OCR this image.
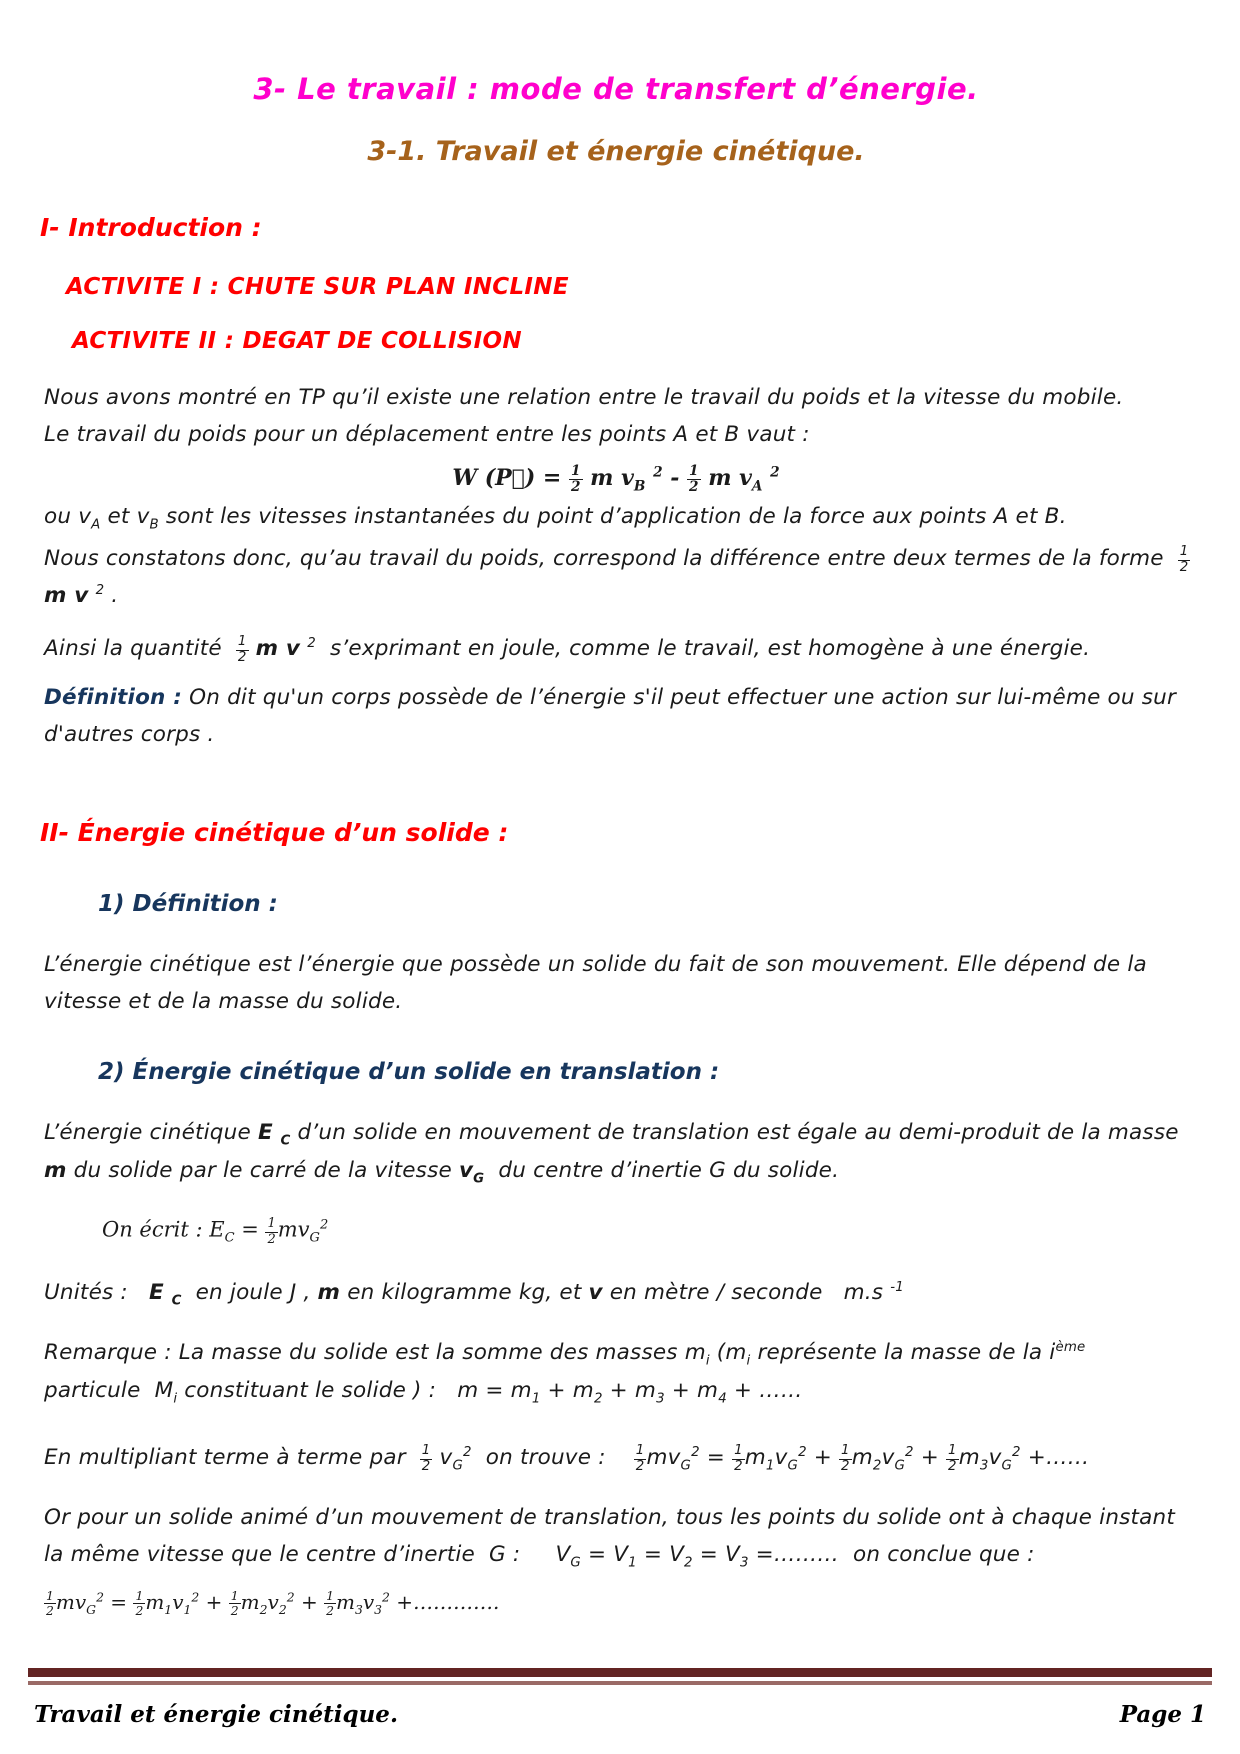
3- Le travail : mode de transfert d’énergie.
3-1. Travail et énergie cinétique.
I- Introduction :
ACTIVITE I : CHUTE SUR PLAN INCLINE
ACTIVITE II : DEGAT DE COLLISION

Nous avons montré en TP qu’il existe une relation entre le travail du poids et la vitesse du mobile.
Le travail du poids pour un déplacement entre les points A et B vaut :

W (P⃗) = $\frac{1}{2}$ m $v_B$ $^2 - \frac{1}{2}$ m $v_A$ $^2$

ou $v_A$ et $v_B$ sont les vitesses instantanées du point d’application de la force aux points A et B.

Nous constatons donc, qu’au travail du poids, correspond la différence entre deux termes de la forme $\frac{1}{2}$
m v $^2$ .

Ainsi la quantité $\frac{1}{2}$ m v $^2$  s’exprimant en joule, comme le travail, est homogène à une énergie.

Définition : On dit qu'un corps possède de l’énergie s'il peut effectuer une action sur lui-même ou sur d'autres corps .

II- Énergie cinétique d’un solide :
1) Définition :

L’énergie cinétique est l’énergie que possède un solide du fait de son mouvement. Elle dépend de la vitesse et de la masse du solide.

2) Énergie cinétique d’un solide en translation :

L’énergie cinétique E $_C$ d’un solide en mouvement de translation est égale au demi-produit de la masse m du solide par le carré de la vitesse $v_G$  du centre d’inertie G du solide.

On écrit : $E_C = \frac{1}{2} mv_G^2$

Unités :   E $_C$  en joule J , m en kilogramme kg, et v en mètre / seconde   m.s $^{-1}$

Remarque : La masse du solide est la somme des masses $m_i$ ($m_i$ représente la masse de la $i^{ème}$ particule  $M_i$ constituant le solide ) :   $m = m_1 + m_2 + m_3 + m_4$ + ……

En multipliant terme à terme par $\frac{1}{2} v_G^2$  on trouve : $\frac{1}{2} mv_G^2 = \frac{1}{2} m_1v_G^2 + \frac{1}{2} m_2v_G^2 + \frac{1}{2} m_3v_G^2$ +……

Or pour un solide animé d’un mouvement de translation, tous les points du solide ont à chaque instant la même vitesse que le centre d’inertie  G :     $V_G = V_1 = V_2 = V_3$ =………  on conclue que :

$\frac{1}{2} mv_G^2 = \frac{1}{2} m_1v_1^2 + \frac{1}{2} m_2v_2^2 + \frac{1}{2} m_3v_3^2$ +………….
Travail et énergie cinétique.	Page 1
